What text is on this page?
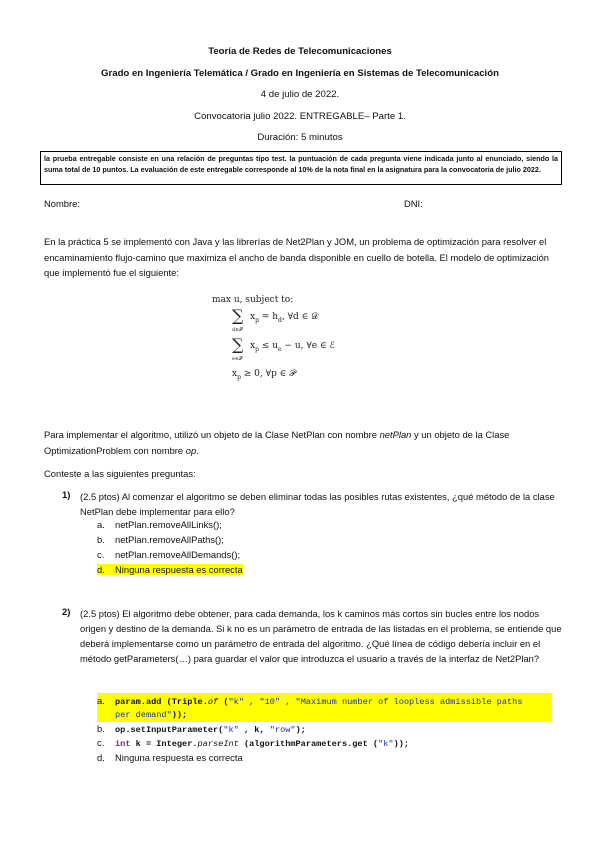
Teoría de Redes de Telecomunicaciones
Grado en Ingeniería Telemática / Grado en Ingeniería en Sistemas de Telecomunicación
4 de julio de 2022.
Convocatoria julio 2022. ENTREGABLE– Parte 1.
Duración: 5 minutos
la prueba entregable consiste en una relación de preguntas tipo test. la puntuación de cada pregunta viene indicada junto al enunciado, siendo la suma total de 10 puntos. La evaluación de este entregable corresponde al 10% de la nota final en la asignatura para la convocatoria de julio 2022.
Nombre:	DNI:
En la práctica 5 se implementó con Java y las librerías de Net2Plan y JOM, un problema de optimización para resolver el encaminamiento flujo-camino que maximiza el ancho de banda disponible en cuello de botella. El modelo de optimización que implementó fue el siguiente:
max u, subject to:
∑
d∈𝒫
$x_p = h_d$, ∀d ∈ 𝒟
∑
e∈𝒫
$x_p \le u_e - u$, ∀e ∈ ℰ
$x_p \ge 0$, ∀p ∈ 𝒫
Para implementar el algoritmo, utilizó un objeto de la Clase NetPlan con nombre netPlan y un objeto de la Clase OptimizationProblem con nombre op.
Conteste a las siguientes preguntas:
1) (2.5 ptos) Al comenzar el algoritmo se deben eliminar todas las posibles rutas existentes, ¿qué método de la clase NetPlan debe implementar para ello?
a. netPlan.removeAllLinks();
b. netPlan.removeAllPaths();
c. netPlan.removeAllDemands();
d. Ninguna respuesta es correcta
2) (2.5 ptos) El algoritmo debe obtener, para cada demanda, los k caminos más cortos sin bucles entre los nodos origen y destino de la demanda. Si k no es un parámetro de entrada de las listadas en el problema, se entiende que deberá implementarse como un parámetro de entrada del algoritmo. ¿Qué línea de código debería incluir en el método getParameters(…) para guardar el valor que introduzca el usuario a través de la interfaz de Net2Plan?
a. param.add (Triple.of ("k" , "10" , "Maximum number of loopless admissible paths
per demand"));
b. op.setInputParameter("k" , k, "row");
c. int k = Integer.parseInt (algorithmParameters.get ("k"));
d. Ninguna respuesta es correcta
